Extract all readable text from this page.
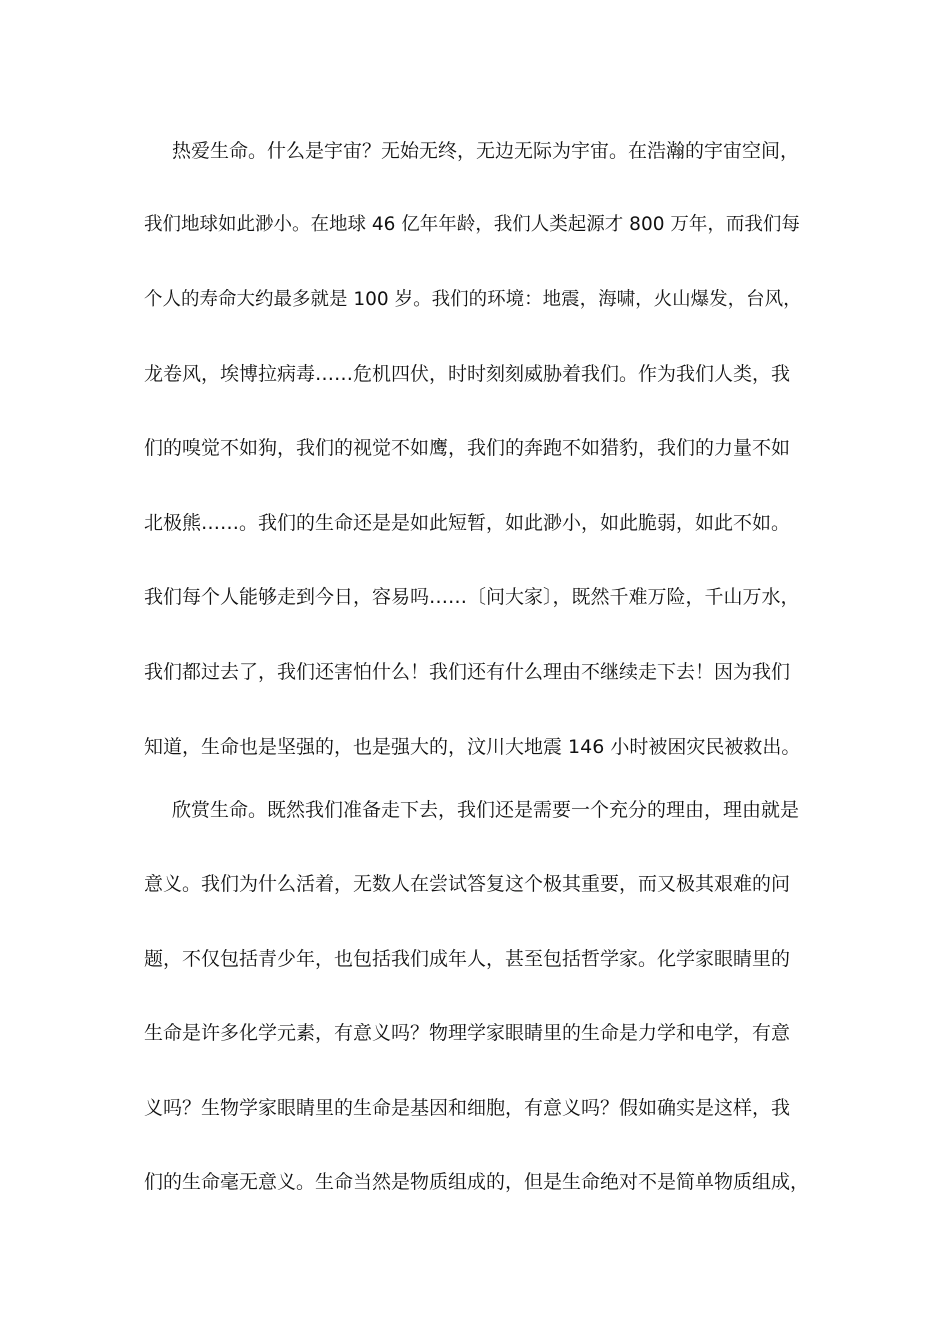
热爱生命。什么是宇宙？无始无终，无边无际为宇宙。在浩瀚的宇宙空间，
我们地球如此渺小。在地球 46 亿年年龄，我们人类起源才 800 万年，而我们每
个人的寿命大约最多就是 100 岁。我们的环境：地震，海啸，火山爆发，台风，
龙卷风，埃博拉病毒……危机四伏，时时刻刻威胁着我们。作为我们人类，我
们的嗅觉不如狗，我们的视觉不如鹰，我们的奔跑不如猎豹，我们的力量不如
北极熊……。我们的生命还是是如此短暂，如此渺小，如此脆弱，如此不如。
我们每个人能够走到今日，容易吗……〔问大家〕，既然千难万险，千山万水，
我们都过去了，我们还害怕什么！我们还有什么理由不继续走下去！因为我们
知道，生命也是坚强的，也是强大的，汶川大地震 146 小时被困灾民被救出。
欣赏生命。既然我们准备走下去，我们还是需要一个充分的理由，理由就是
意义。我们为什么活着，无数人在尝试答复这个极其重要，而又极其艰难的问
题，不仅包括青少年，也包括我们成年人，甚至包括哲学家。化学家眼睛里的
生命是许多化学元素，有意义吗？物理学家眼睛里的生命是力学和电学，有意
义吗？生物学家眼睛里的生命是基因和细胞，有意义吗？假如确实是这样，我
们的生命毫无意义。生命当然是物质组成的，但是生命绝对不是简单物质组成，
